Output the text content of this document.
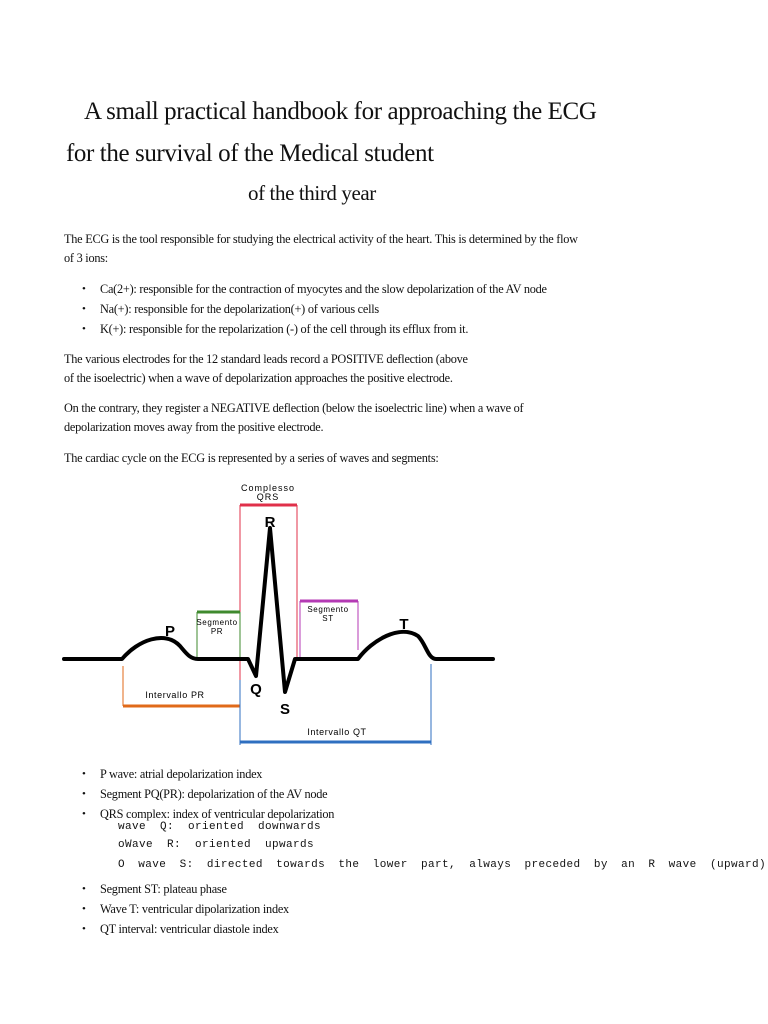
A small practical handbook for approaching the ECG
for the survival of the Medical student
of the third year
The ECG is the tool responsible for studying the electrical activity of the heart. This is determined by the flow
of 3 ions:
• Ca(2+): responsible for the contraction of myocytes and the slow depolarization of the AV node
• Na(+): responsible for the depolarization(+) of various cells
• K(+): responsible for the repolarization (-) of the cell through its efflux from it.
The various electrodes for the 12 standard leads record a POSITIVE deflection (above
of the isoelectric) when a wave of depolarization approaches the positive electrode.
On the contrary, they register a NEGATIVE deflection (below the isoelectric line) when a wave of
depolarization moves away from the positive electrode.
The cardiac cycle on the ECG is represented by a series of waves and segments:
Complesso
QRS
Segmento
PR
Segmento
ST
R
P
Q
S
T
Intervallo PR
Intervallo QT
• P wave: atrial depolarization index
• Segment PQ(PR): depolarization of the AV node
• QRS complex: index of ventricular depolarization
wave  Q:  oriented  downwards
oWave  R:  oriented  upwards
O wave S: directed towards the lower part, always preceded by an R wave (upward)
• Segment ST: plateau phase
• Wave T: ventricular dipolarization index
• QT interval: ventricular diastole index
